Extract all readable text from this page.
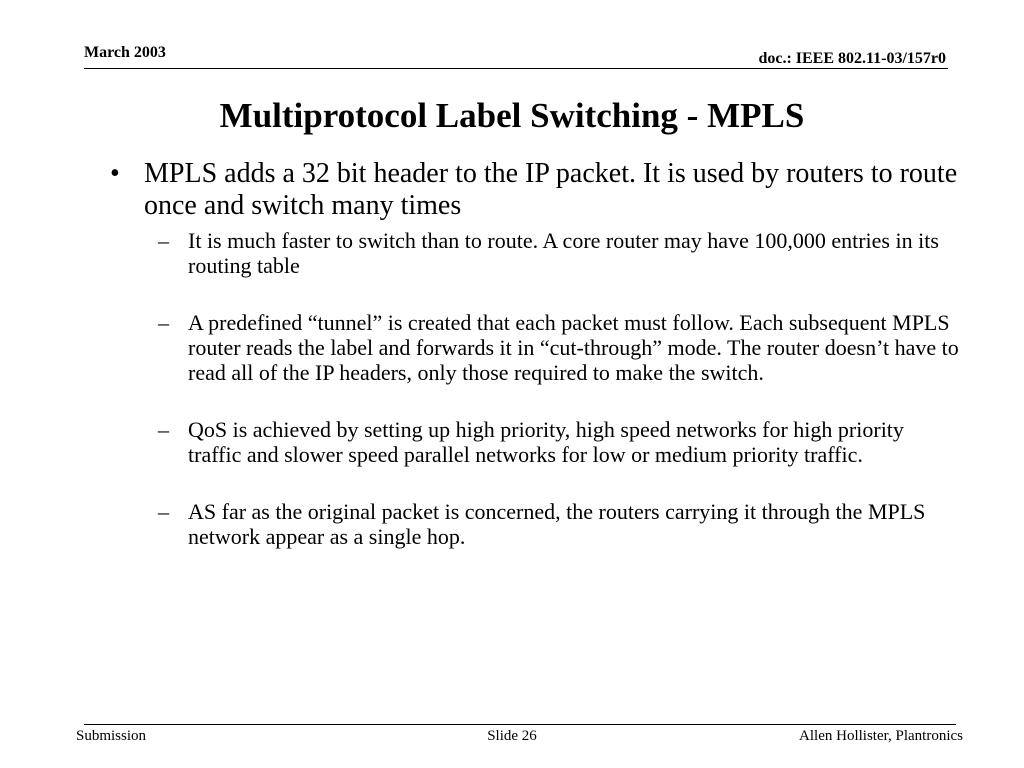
March 2003	doc.: IEEE 802.11-03/157r0
Multiprotocol Label Switching - MPLS
• MPLS adds a 32 bit header to the IP packet. It is used by routers to route once and switch many times
– It is much faster to switch than to route. A core router may have 100,000 entries in its routing table
– A predefined “tunnel” is created that each packet must follow. Each subsequent MPLS router reads the label and forwards it in “cut-through” mode. The router doesn’t have to read all of the IP headers, only those required to make the switch.
– QoS is achieved by setting up high priority, high speed networks for high priority traffic and slower speed parallel networks for low or medium priority traffic.
– AS far as the original packet is concerned, the routers carrying it through the MPLS network appear as a single hop.
Submission	Slide 26	Allen Hollister, Plantronics
